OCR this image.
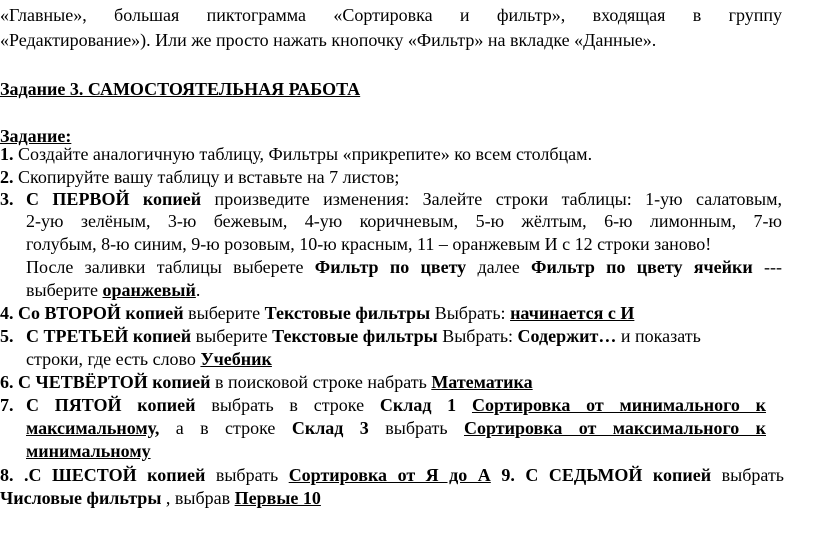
«Главные», большая пиктограмма «Сортировка и фильтр», входящая в группу
«Редактирование»). Или же просто нажать кнопочку «Фильтр» на вкладке «Данные».
Задание 3. САМОСТОЯТЕЛЬНАЯ РАБОТА
Задание:
1. Создайте аналогичную таблицу, Фильтры «прикрепите» ко всем столбцам.
2. Скопируйте вашу таблицу и вставьте на 7 листов;
3. С ПЕРВОЙ копией произведите изменения: Залейте строки таблицы: 1-ую салатовым,
2-ую зелёным, 3-ю бежевым, 4-ую коричневым, 5-ю жёлтым, 6-ю лимонным, 7-ю
голубым, 8-ю синим, 9-ю розовым, 10-ю красным, 11 – оранжевым И с 12 строки заново!
После заливки таблицы выберете Фильтр по цвету далее Фильтр по цвету ячейки ---
выберите оранжевый.
4. Со ВТОРОЙ копией выберите Текстовые фильтры Выбрать: начинается с И
5. С ТРЕТЬЕЙ копией выберите Текстовые фильтры Выбрать: Содержит… и показать
строки, где есть слово Учебник
6. С ЧЕТВЁРТОЙ копией в поисковой строке набрать Математика
7. С ПЯТОЙ копией выбрать в строке Склад 1 Сортировка от минимального к
максимальному, а в строке Склад 3 выбрать Сортировка от максимального к
минимальному
8. .С ШЕСТОЙ копией выбрать Сортировка от Я до А 9. С СЕДЬМОЙ копией выбрать
Числовые фильтры , выбрав Первые 10
